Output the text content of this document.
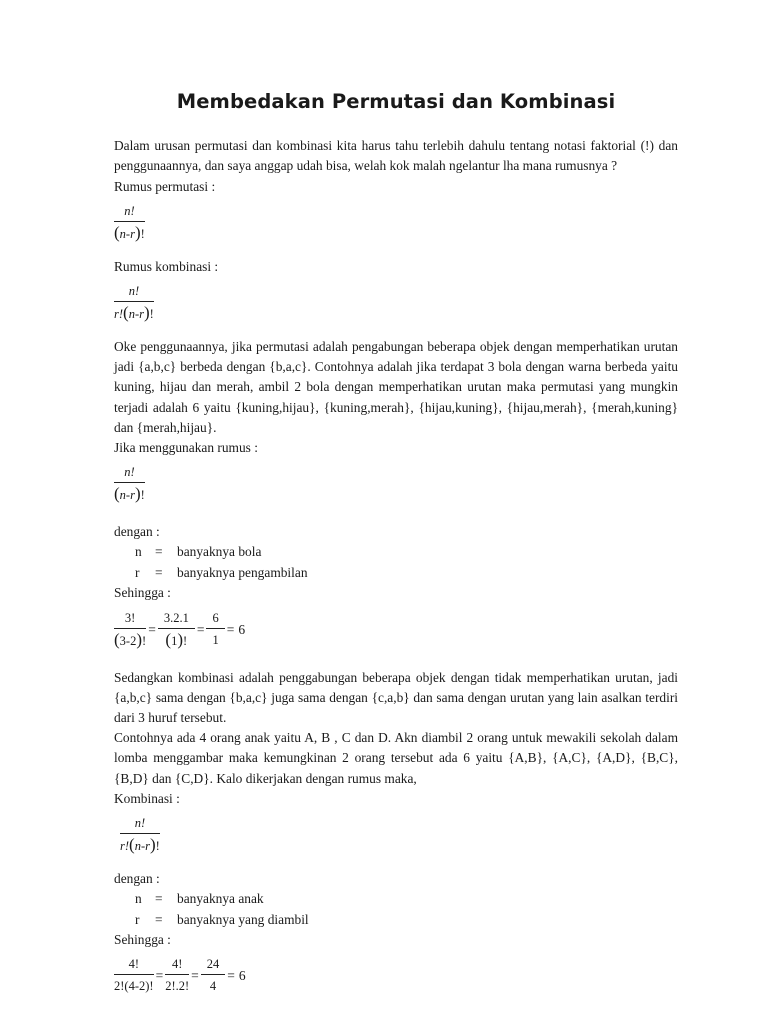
Membedakan Permutasi dan Kombinasi

Dalam urusan permutasi dan kombinasi kita harus tahu terlebih dahulu tentang notasi faktorial (!) dan penggunaannya, dan saya anggap udah bisa, welah kok malah ngelantur lha mana rumusnya ?

Rumus permutasi :

$\frac{n!}{(n-r)!}$

Rumus kombinasi :

$\frac{n!}{r!(n-r)!}$

Oke penggunaannya, jika permutasi adalah pengabungan beberapa objek dengan memperhatikan urutan jadi {a,b,c} berbeda dengan {b,a,c}. Contohnya adalah jika terdapat 3 bola dengan warna berbeda yaitu kuning, hijau dan merah, ambil 2 bola dengan memperhatikan urutan maka permutasi yang mungkin terjadi adalah 6 yaitu {kuning,hijau}, {kuning,merah}, {hijau,kuning}, {hijau,merah}, {merah,kuning} dan {merah,hijau}.

Jika menggunakan rumus :

$\frac{n!}{(n-r)!}$

dengan :

n =	banyaknya bola
r	=	banyaknya pengambilan

Sehingga :

$\frac{3!}{(3-2)!} = \frac{3.2.1}{(1)!} = \frac{6}{1} = 6$

Sedangkan kombinasi adalah penggabungan beberapa objek dengan tidak memperhatikan urutan, jadi {a,b,c} sama dengan {b,a,c} juga sama dengan {c,a,b} dan sama dengan urutan yang lain asalkan terdiri dari 3 huruf tersebut.

Contohnya ada 4 orang anak yaitu A, B , C dan D. Akn diambil 2 orang untuk mewakili sekolah dalam lomba menggambar maka kemungkinan 2 orang tersebut ada 6 yaitu {A,B}, {A,C}, {A,D}, {B,C}, {B,D} dan {C,D}. Kalo dikerjakan dengan rumus maka,

Kombinasi :

$\frac{n!}{r!(n-r)!}$

dengan :

n =	banyaknya anak
r	=	banyaknya yang diambil

Sehingga :

$\frac{4!}{2!(4-2)!} = \frac{4!}{2!.2!} = \frac{24}{4} = 6$
